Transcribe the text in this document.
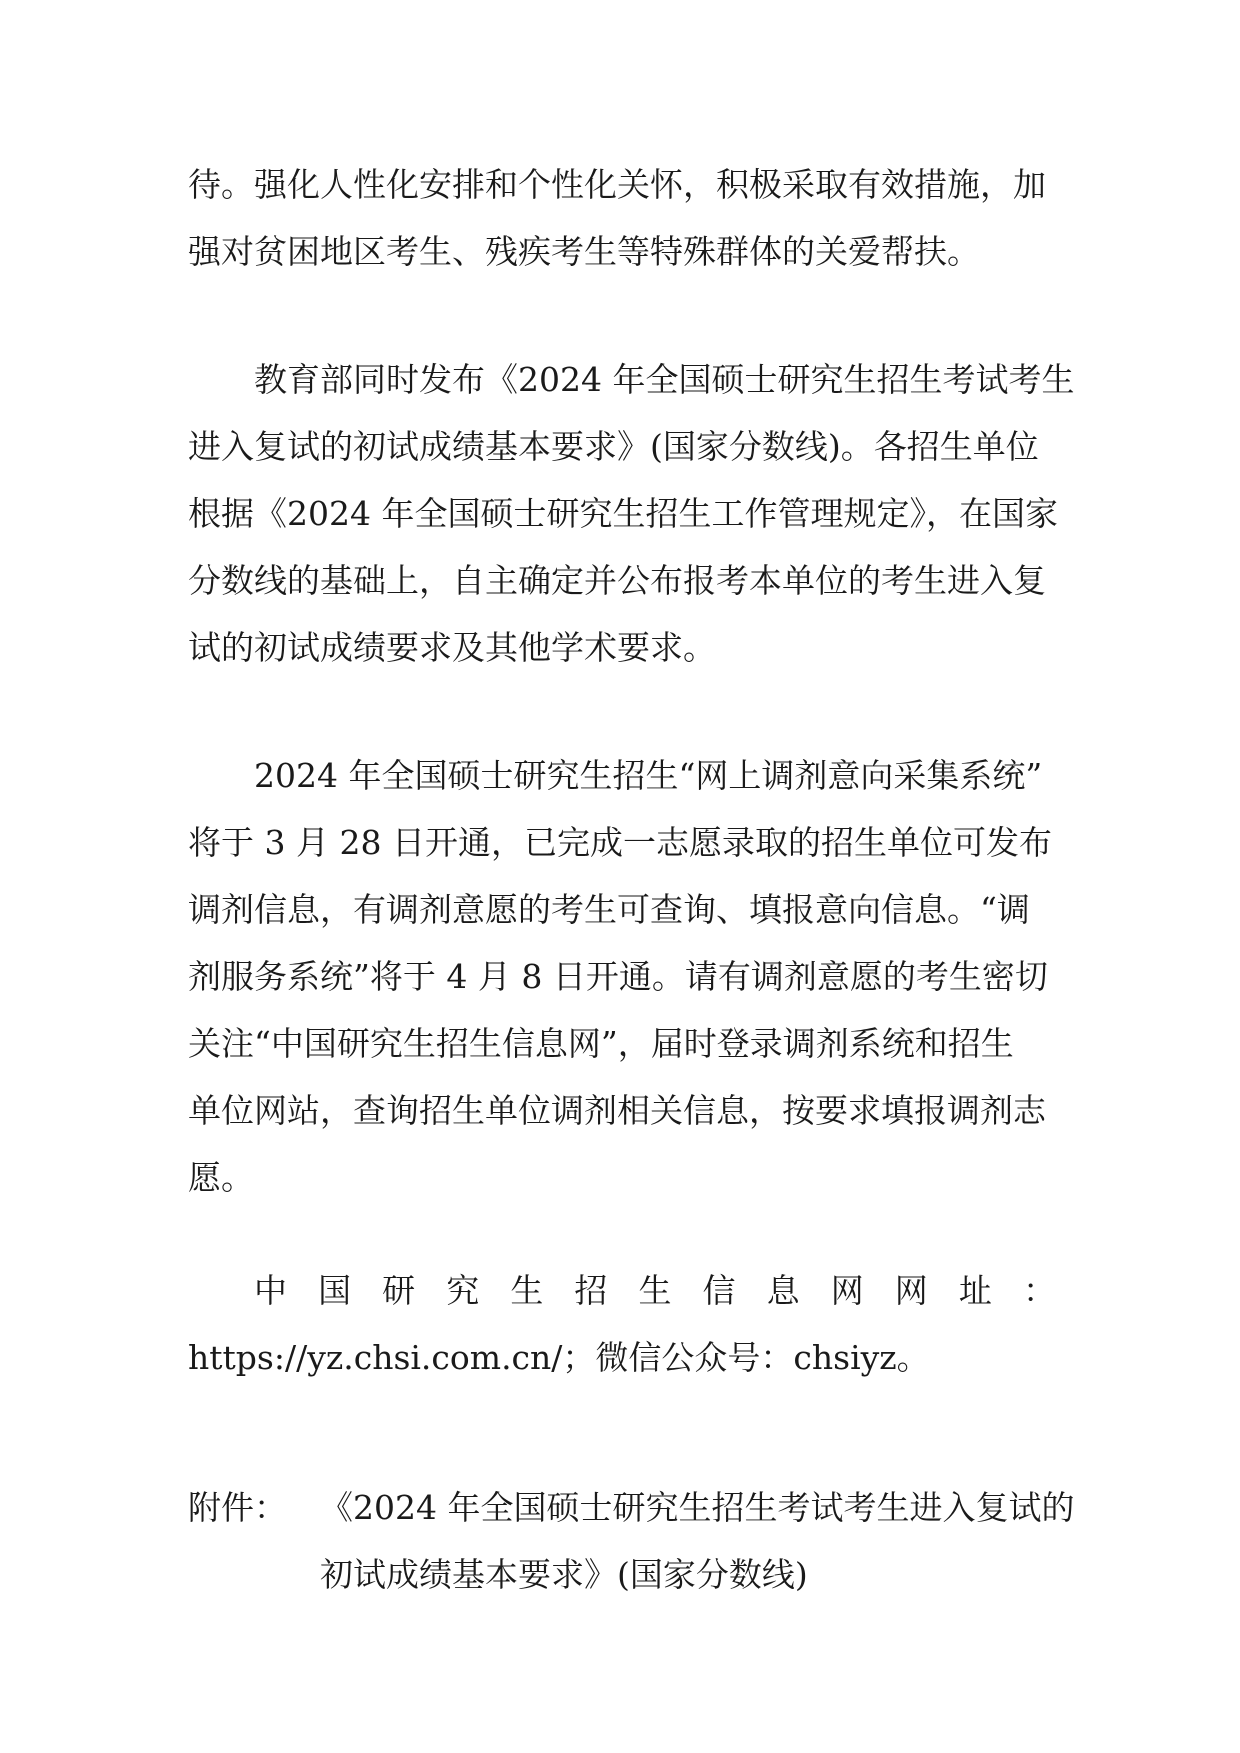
待。强化人性化安排和个性化关怀，积极采取有效措施，加
强对贫困地区考生、残疾考生等特殊群体的关爱帮扶。
教育部同时发布《2024 年全国硕士研究生招生考试考生
进入复试的初试成绩基本要求》(国家分数线)。各招生单位
根据《2024 年全国硕士研究生招生工作管理规定》，在国家
分数线的基础上，自主确定并公布报考本单位的考生进入复
试的初试成绩要求及其他学术要求。
2024 年全国硕士研究生招生“网上调剂意向采集系统”
将于 3 月 28 日开通，已完成一志愿录取的招生单位可发布
调剂信息，有调剂意愿的考生可查询、填报意向信息。“调
剂服务系统”将于 4 月 8 日开通。请有调剂意愿的考生密切
关注“中国研究生招生信息网”，届时登录调剂系统和招生
单位网站，查询招生单位调剂相关信息，按要求填报调剂志
愿。
中 国 研 究 生 招 生 信 息 网 网 址 ：
https://yz.chsi.com.cn/；微信公众号：chsiyz。
附件： 《2024 年全国硕士研究生招生考试考生进入复试的
初试成绩基本要求》(国家分数线)
